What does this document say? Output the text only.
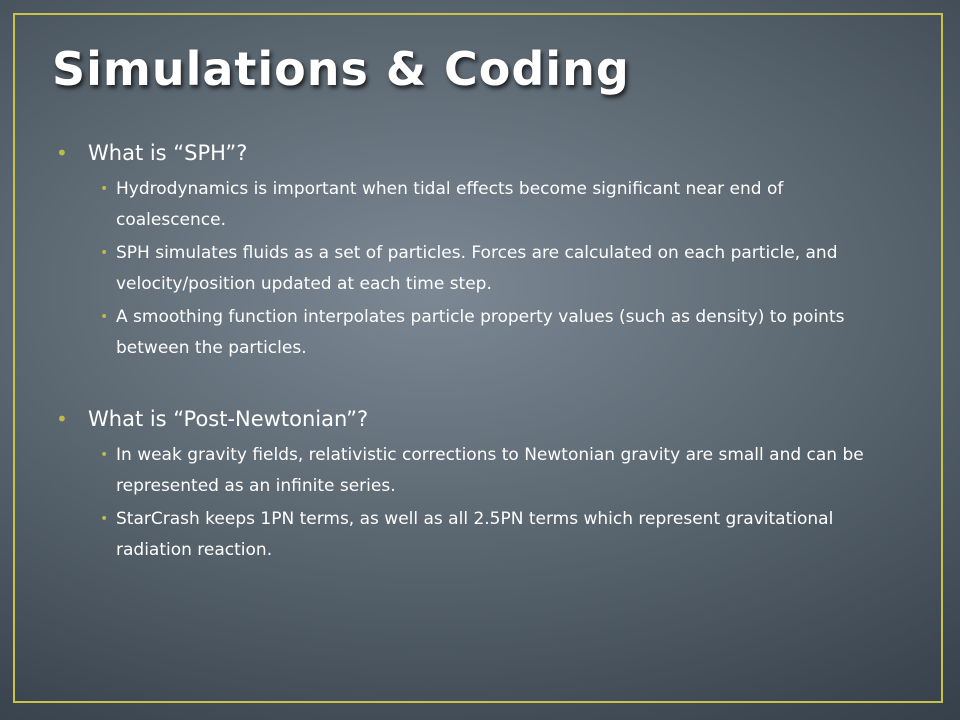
Simulations & Coding
• What is “SPH”?
• Hydrodynamics is important when tidal effects become significant near end of coalescence.
• SPH simulates fluids as a set of particles. Forces are calculated on each particle, and velocity/position updated at each time step.
• A smoothing function interpolates particle property values (such as density) to points between the particles.
• What is “Post-Newtonian”?
• In weak gravity fields, relativistic corrections to Newtonian gravity are small and can be represented as an infinite series.
• StarCrash keeps 1PN terms, as well as all 2.5PN terms which represent gravitational radiation reaction.
